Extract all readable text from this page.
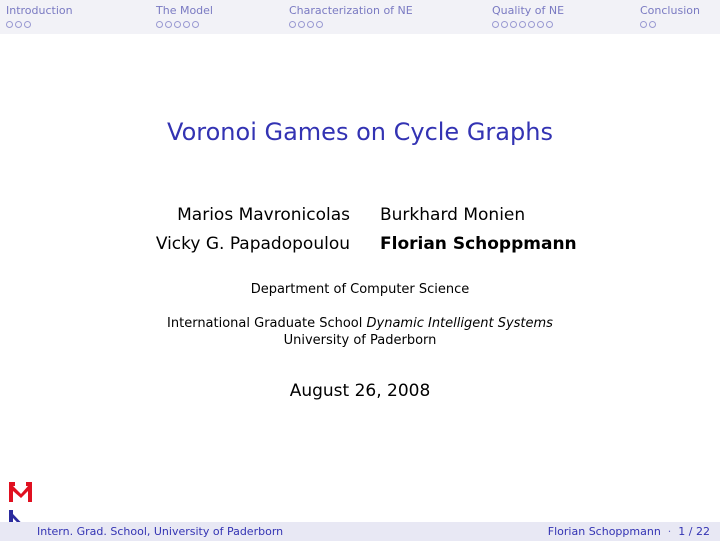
Introduction	The Model	Characterization of NE	Quality of NE	Conclusion
Voronoi Games on Cycle Graphs
Marios Mavronicolas
Vicky G. Papadopoulou
Burkhard Monien
Florian Schoppmann
Department of Computer Science
International Graduate School Dynamic Intelligent Systems
University of Paderborn
August 26, 2008
Intern. Grad. School, University of Paderborn	Florian Schoppmann · 1 / 22
